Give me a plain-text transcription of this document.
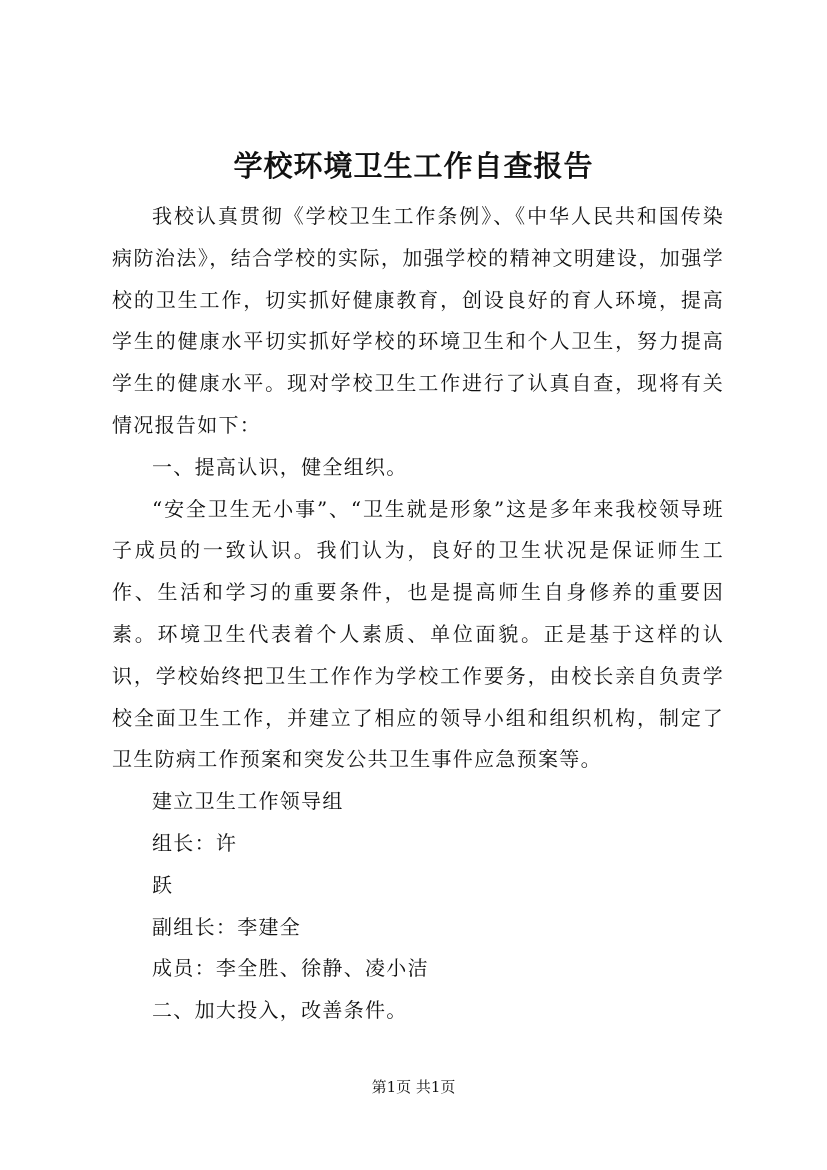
学校环境卫生工作自查报告

我校认真贯彻《学校卫生工作条例》、《中华人民共和国传染病防治法》，结合学校的实际，加强学校的精神文明建设，加强学校的卫生工作，切实抓好健康教育，创设良好的育人环境，提高学生的健康水平切实抓好学校的环境卫生和个人卫生，努力提高学生的健康水平。现对学校卫生工作进行了认真自查，现将有关情况报告如下：

一、提高认识，健全组织。

“安全卫生无小事”、“卫生就是形象”这是多年来我校领导班子成员的一致认识。我们认为，良好的卫生状况是保证师生工作、生活和学习的重要条件，也是提高师生自身修养的重要因素。环境卫生代表着个人素质、单位面貌。正是基于这样的认识，学校始终把卫生工作作为学校工作要务，由校长亲自负责学校全面卫生工作，并建立了相应的领导小组和组织机构，制定了卫生防病工作预案和突发公共卫生事件应急预案等。

建立卫生工作领导组

组长：许

跃

副组长：李建全

成员：李全胜、徐静、凌小洁

二、加大投入，改善条件。

第1页 共1页
